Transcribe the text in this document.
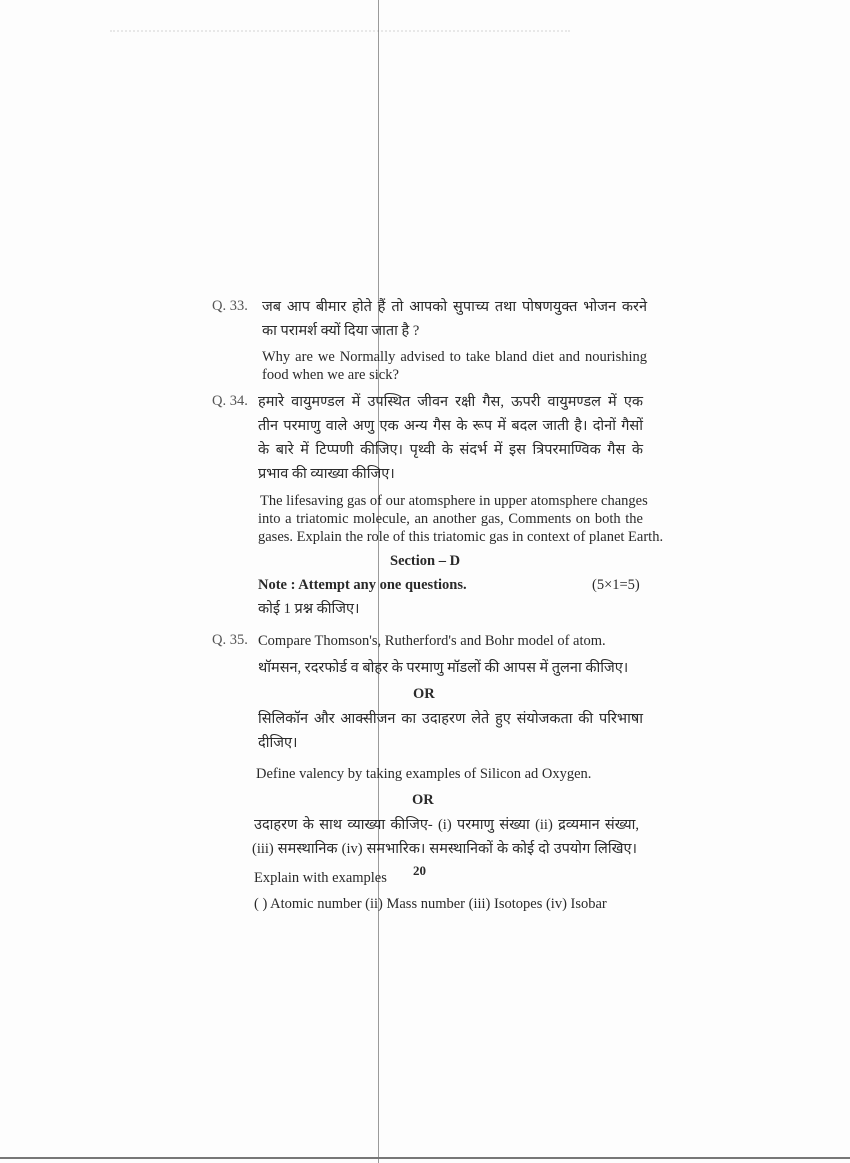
Q. 33. जब आप बीमार होते हैं तो आपको सुपाच्य तथा पोषणयुक्त भोजन करने
का परामर्श क्यों दिया जाता है ?
Why are we Normally advised to take bland diet and nourishing
food when we are sick?
Q. 34. हमारे वायुमण्डल में उपस्थित जीवन रक्षी गैस, ऊपरी वायुमण्डल में एक
तीन परमाणु वाले अणु एक अन्य गैस के रूप में बदल जाती है। दोनों गैसों
के बारे में टिप्पणी कीजिए। पृथ्वी के संदर्भ में इस त्रिपरमाण्विक गैस के
प्रभाव की व्याख्या कीजिए।
The lifesaving gas of our atomsphere in upper atomsphere changes
into a triatomic molecule, an another gas, Comments on both the
gases. Explain the role of this triatomic gas in context of planet Earth.
Section – D
Note : Attempt any one questions.	(5×1=5)
कोई 1 प्रश्न कीजिए।
Q. 35. Compare Thomson's, Rutherford's and Bohr model of atom.
थॉमसन, रदरफोर्ड व बोहर के परमाणु मॉडलों की आपस में तुलना कीजिए।
OR
सिलिकॉन और आक्सीजन का उदाहरण लेते हुए संयोजकता की परिभाषा
दीजिए।
Define valency by taking examples of Silicon ad Oxygen.
OR
उदाहरण के साथ व्याख्या कीजिए- (i) परमाणु संख्या (ii) द्रव्यमान संख्या,
(iii) समस्थानिक (iv) समभारिक। समस्थानिकों के कोई दो उपयोग लिखिए।
Explain with examples 20
( ) Atomic number (ii) Mass number (iii) Isotopes (iv) Isobar
